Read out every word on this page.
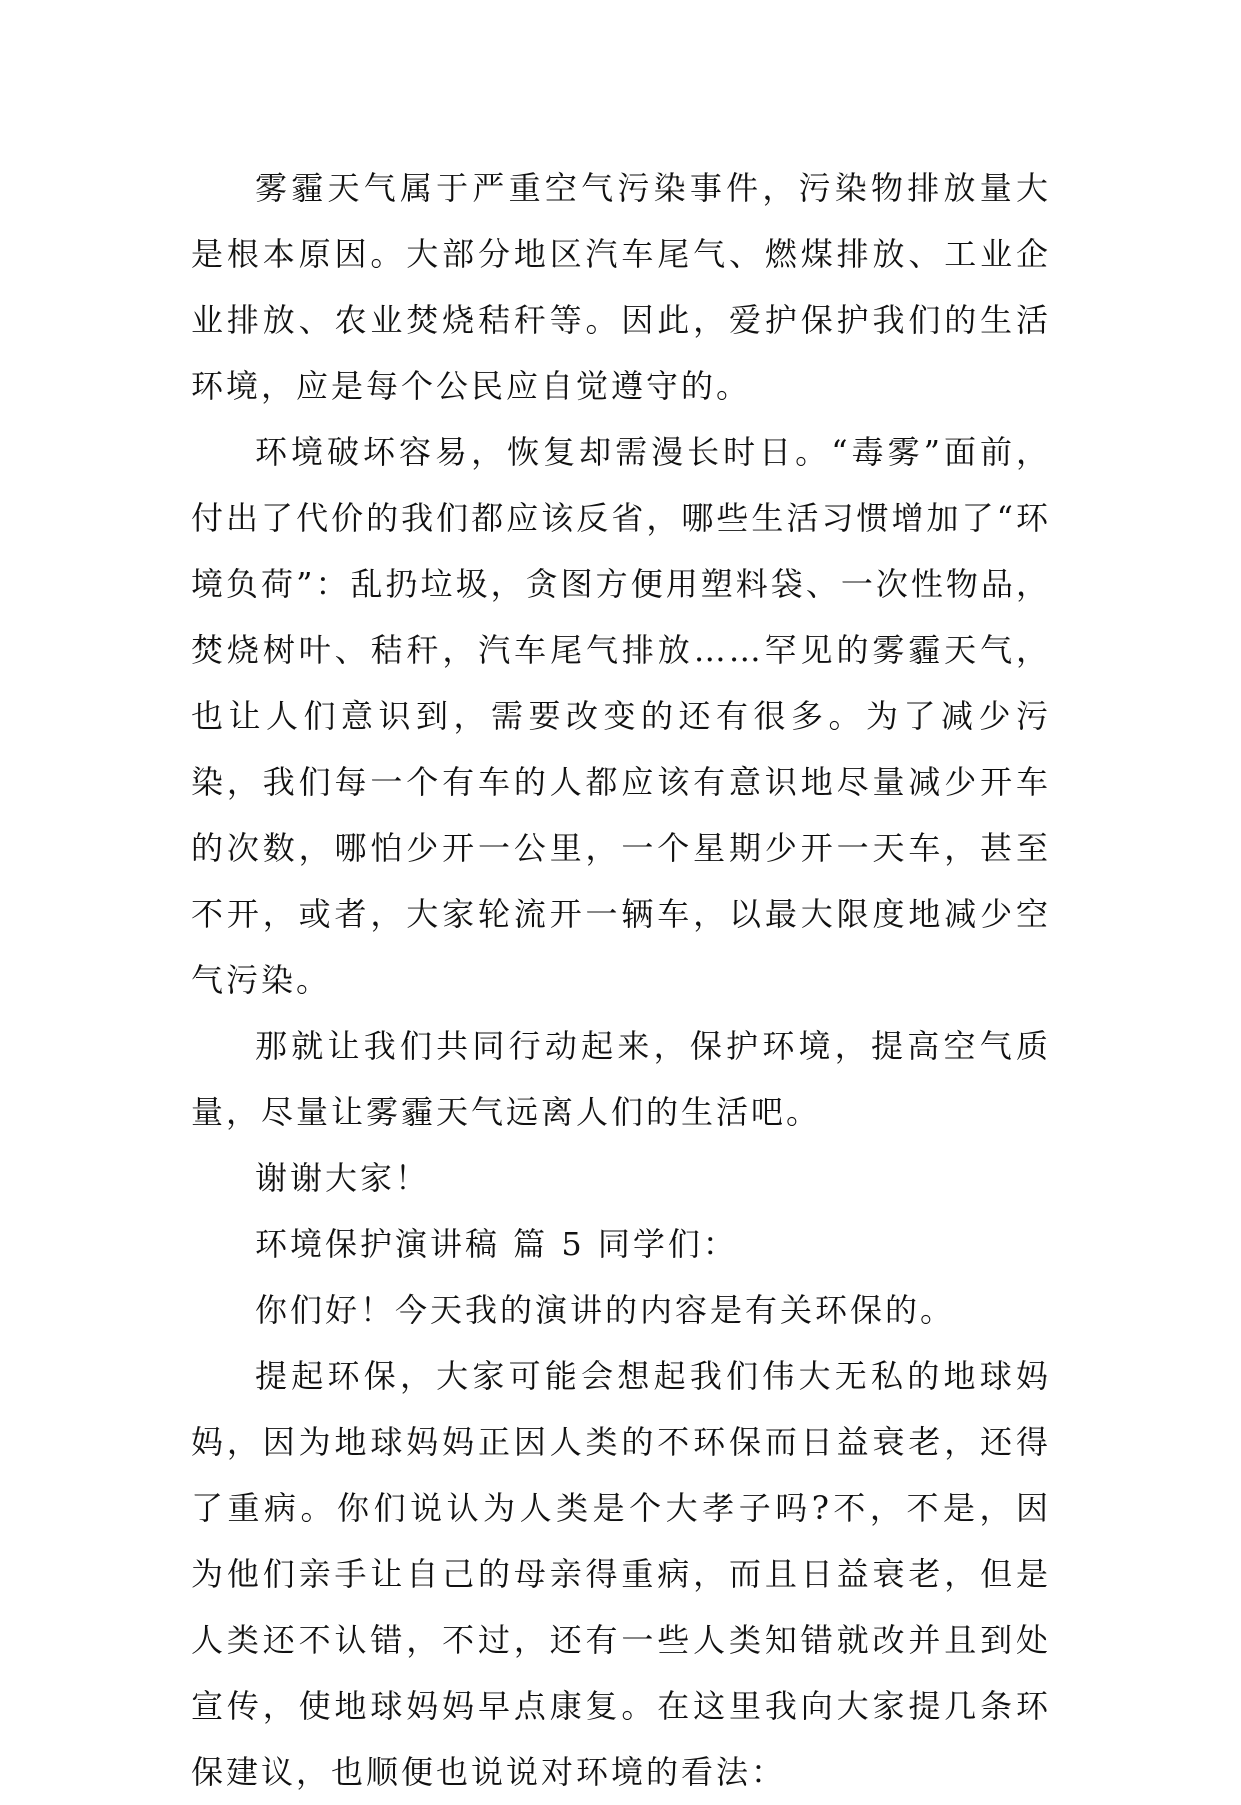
雾霾天气属于严重空气污染事件，污染物排放量大是根本原因。大部分地区汽车尾气、燃煤排放、工业企业排放、农业焚烧秸秆等。因此，爱护保护我们的生活环境，应是每个公民应自觉遵守的。

环境破坏容易，恢复却需漫长时日。“毒雾”面前，付出了代价的我们都应该反省，哪些生活习惯增加了“环境负荷”：乱扔垃圾，贪图方便用塑料袋、一次性物品，焚烧树叶、秸秆，汽车尾气排放……罕见的雾霾天气，也让人们意识到，需要改变的还有很多。为了减少污染，我们每一个有车的人都应该有意识地尽量减少开车的次数，哪怕少开一公里，一个星期少开一天车，甚至不开，或者，大家轮流开一辆车，以最大限度地减少空气污染。

那就让我们共同行动起来，保护环境，提高空气质量，尽量让雾霾天气远离人们的生活吧。

谢谢大家！

环境保护演讲稿 篇 5 同学们：

你们好！今天我的演讲的内容是有关环保的。

提起环保，大家可能会想起我们伟大无私的地球妈妈，因为地球妈妈正因人类的不环保而日益衰老，还得了重病。你们说认为人类是个大孝子吗?不，不是，因为他们亲手让自己的母亲得重病，而且日益衰老，但是人类还不认错，不过，还有一些人类知错就改并且到处宣传，使地球妈妈早点康复。在这里我向大家提几条环保建议，也顺便也说说对环境的看法：
